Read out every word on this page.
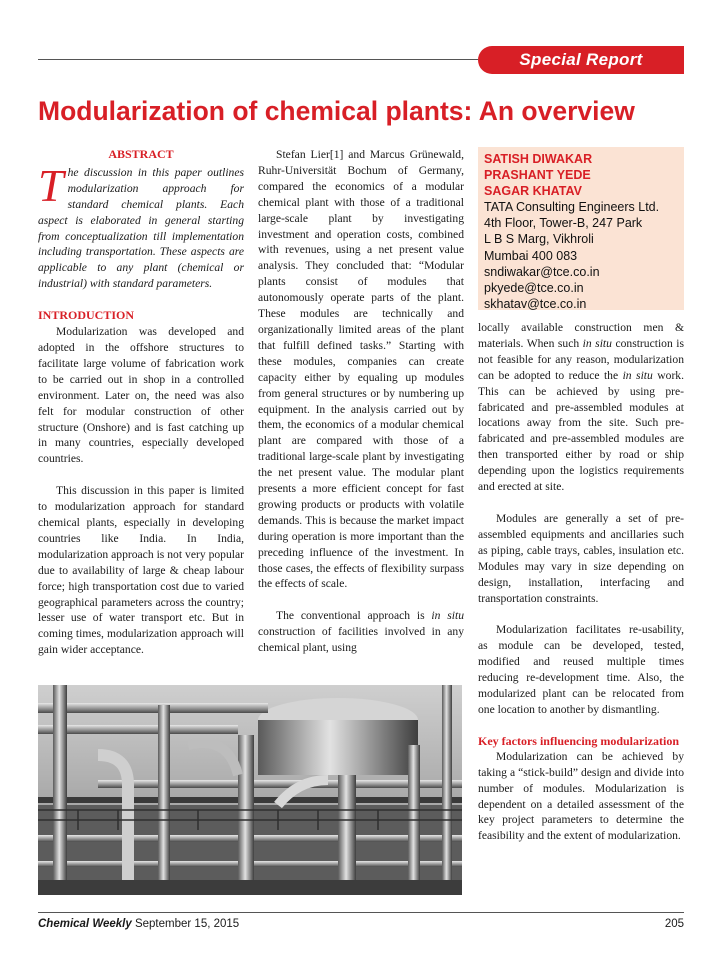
Special Report
Modularization of chemical plants: An overview

ABSTRACT

The discussion in this paper outlines modularization approach for standard chemical plants. Each aspect is elaborated in general starting from conceptualization till implementation including transportation. These aspects are applicable to any plant (chemical or industrial) with standard parameters.

INTRODUCTION

Modularization was developed and adopted in the offshore structures to facilitate large volume of fabrication work to be carried out in shop in a controlled environment. Later on, the need was also felt for modular construction of other structure (Onshore) and is fast catching up in many countries, especially developed countries.

This discussion in this paper is limited to modularization approach for standard chemical plants, especially in developing countries like India. In India, modularization approach is not very popular due to availability of large & cheap labour force; high transportation cost due to varied geographical parameters across the country; lesser use of water transport etc. But in coming times, modularization approach will gain wider acceptance.

Stefan Lier[1] and Marcus Grünewald, Ruhr-Universität Bochum of Germany, compared the economics of a modular chemical plant with those of a traditional large-scale plant by investigating investment and operation costs, combined with revenues, using a net present value analysis. They concluded that: “Modular plants consist of modules that autonomously operate parts of the plant. These modules are technically and organizationally limited areas of the plant that fulfill defined tasks.” Starting with these modules, companies can create capacity either by equaling up modules from general structures or by numbering up equipment. In the analysis carried out by them, the economics of a modular chemical plant are compared with those of a traditional large-scale plant by investigating the net present value. The modular plant presents a more efficient concept for fast growing products or products with volatile demands. This is because the market impact during operation is more important than the preceding influence of the investment. In those cases, the effects of flexibility surpass the effects of scale.

The conventional approach is in situ construction of facilities involved in any chemical plant, using

SATISH DIWAKAR
PRASHANT YEDE
SAGAR KHATAV
TATA Consulting Engineers Ltd.
4th Floor, Tower-B, 247 Park
L B S Marg, Vikhroli
Mumbai 400 083
sndiwakar@tce.co.in
pkyede@tce.co.in
skhatav@tce.co.in

locally available construction men & materials. When such in situ construction is not feasible for any reason, modularization can be adopted to reduce the in situ work. This can be achieved by using pre-fabricated and pre-assembled modules at locations away from the site. Such pre-fabricated and pre-assembled modules are then transported either by road or ship depending upon the logistics requirements and erected at site.

Modules are generally a set of pre-assembled equipments and ancillaries such as piping, cable trays, cables, insulation etc. Modules may vary in size depending on design, installation, interfacing and transportation constraints.

Modularization facilitates re-usability, as module can be developed, tested, modified and reused multiple times reducing re-development time. Also, the modularized plant can be relocated from one location to another by dismantling.

Key factors influencing modularization

Modularization can be achieved by taking a “stick-build” design and divide into number of modules. Modularization is dependent on a detailed assessment of the key project parameters to determine the feasibility and the extent of modularization.

Chemical Weekly September 15, 2015	205
